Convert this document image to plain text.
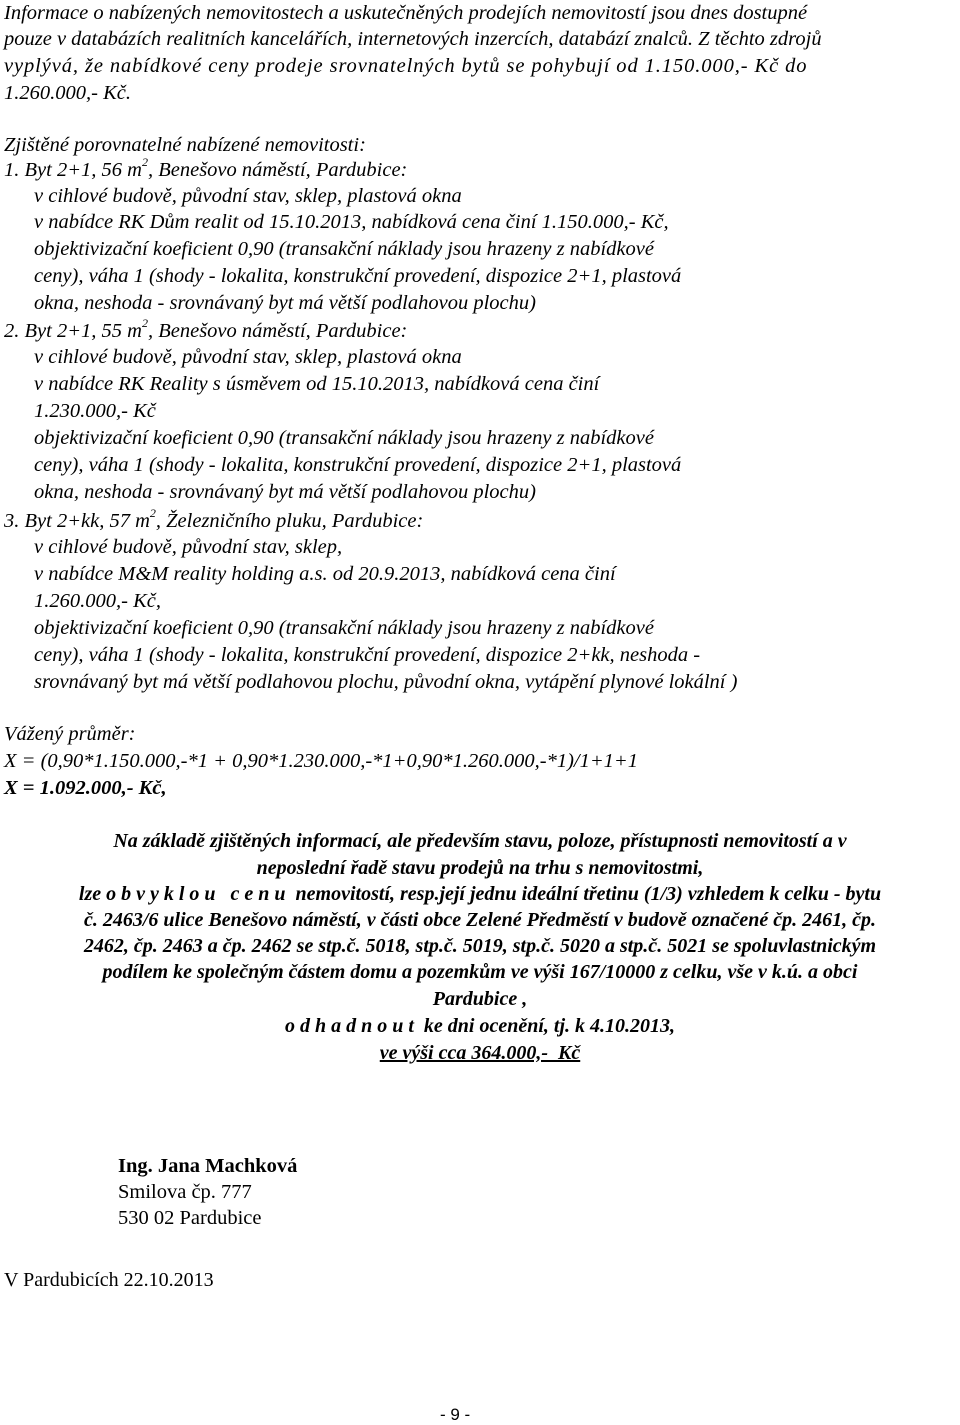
Informace o nabízených nemovitostech a uskutečněných prodejích nemovitostí jsou dnes dostupné
pouze v databázích realitních kancelářích, internetových inzercích, databází znalců. Z těchto zdrojů
vyplývá, že nabídkové ceny prodeje srovnatelných bytů se pohybují od 1.150.000,- Kč do
1.260.000,- Kč.
Zjištěné porovnatelné nabízené nemovitosti:
1. Byt 2+1, 56 $m^2$, Benešovo náměstí, Pardubice:
v cihlové budově, původní stav, sklep, plastová okna
v nabídce RK Dům realit od 15.10.2013, nabídková cena činí 1.150.000,- Kč,
objektivizační koeficient 0,90 (transakční náklady jsou hrazeny z nabídkové
ceny), váha 1 (shody - lokalita, konstrukční provedení, dispozice 2+1, plastová
okna, neshoda - srovnávaný byt má větší podlahovou plochu)
2. Byt 2+1, 55 $m^2$, Benešovo náměstí, Pardubice:
v cihlové budově, původní stav, sklep, plastová okna
v nabídce RK Reality s úsměvem od 15.10.2013, nabídková cena činí
1.230.000,- Kč
objektivizační koeficient 0,90 (transakční náklady jsou hrazeny z nabídkové
ceny), váha 1 (shody - lokalita, konstrukční provedení, dispozice 2+1, plastová
okna, neshoda - srovnávaný byt má větší podlahovou plochu)
3. Byt 2+kk, 57 $m^2$, Železničního pluku, Pardubice:
v cihlové budově, původní stav, sklep,
v nabídce M&M reality holding a.s. od 20.9.2013, nabídková cena činí
1.260.000,- Kč,
objektivizační koeficient 0,90 (transakční náklady jsou hrazeny z nabídkové
ceny), váha 1 (shody - lokalita, konstrukční provedení, dispozice 2+kk, neshoda -
srovnávaný byt má větší podlahovou plochu, původní okna, vytápění plynové lokální )
Vážený průměr:
X = (0,90*1.150.000,-*1 + 0,90*1.230.000,-*1+0,90*1.260.000,-*1)/1+1+1
X = 1.092.000,- Kč,
Na základě zjištěných informací, ale především stavu, poloze, přístupnosti nemovitostí a v
neposlední řadě stavu prodejů na trhu s nemovitostmi,
lze o b v y k l o u   c e n u  nemovitostí, resp.její jednu ideální třetinu (1/3) vzhledem k celku - bytu
č. 2463/6 ulice Benešovo náměstí, v části obce Zelené Předměstí v budově označené čp. 2461, čp.
2462, čp. 2463 a čp. 2462 se stp.č. 5018, stp.č. 5019, stp.č. 5020 a stp.č. 5021 se spoluvlastnickým
podílem ke společným částem domu a pozemkům ve výši 167/10000 z celku, vše v k.ú. a obci
Pardubice ,
o d h a d n o u t  ke dni ocenění, tj. k 4.10.2013,
ve výši cca 364.000,-  Kč
Ing. Jana Machková
Smilova čp. 777
530 02 Pardubice
V Pardubicích 22.10.2013
- 9 -
